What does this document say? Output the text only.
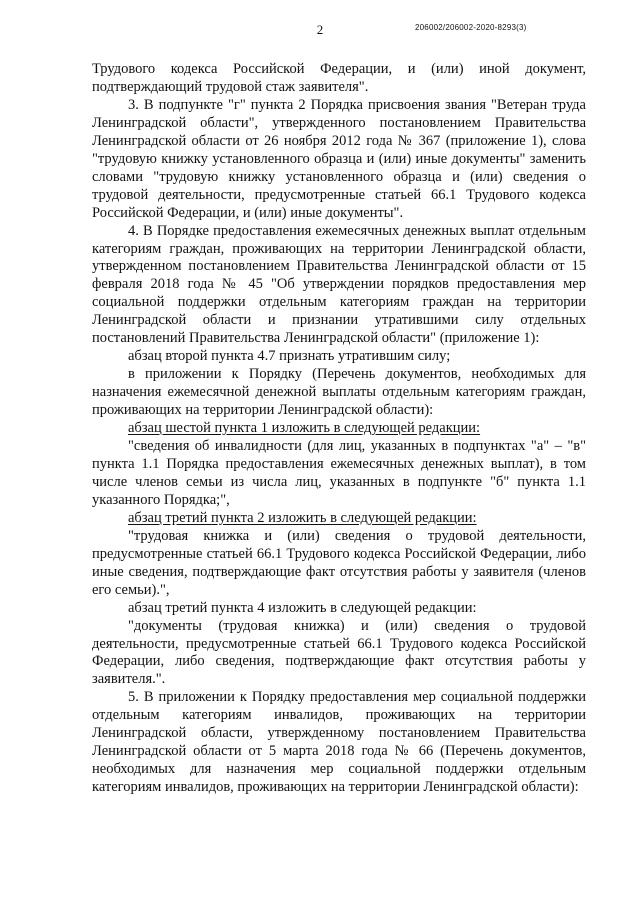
2	206002/206002-2020-8293(3)

Трудового кодекса Российской Федерации, и (или) иной документ, подтверждающий трудовой стаж заявителя".

3. В подпункте "г" пункта 2 Порядка присвоения звания "Ветеран труда Ленинградской области", утвержденного постановлением Правительства Ленинградской области от 26 ноября 2012 года № 367 (приложение 1), слова "трудовую книжку установленного образца и (или) иные документы" заменить словами "трудовую книжку установленного образца и (или) сведения о трудовой деятельности, предусмотренные статьей 66.1 Трудового кодекса Российской Федерации, и (или) иные документы".

4. В Порядке предоставления ежемесячных денежных выплат отдельным категориям граждан, проживающих на территории Ленинградской области, утвержденном постановлением Правительства Ленинградской области от 15 февраля 2018 года № 45 "Об утверждении порядков предоставления мер социальной поддержки отдельным категориям граждан на территории Ленинградской области и признании утратившими силу отдельных постановлений Правительства Ленинградской области" (приложение 1):

абзац второй пункта 4.7 признать утратившим силу;

в приложении к Порядку (Перечень документов, необходимых для назначения ежемесячной денежной выплаты отдельным категориям граждан, проживающих на территории Ленинградской области):

абзац шестой пункта 1 изложить в следующей редакции:

"сведения об инвалидности (для лиц, указанных в подпунктах "а" – "в" пункта 1.1 Порядка предоставления ежемесячных денежных выплат), в том числе членов семьи из числа лиц, указанных в подпункте "б" пункта 1.1 указанного Порядка;",

абзац третий пункта 2 изложить в следующей редакции:

"трудовая книжка и (или) сведения о трудовой деятельности, предусмотренные статьей 66.1 Трудового кодекса Российской Федерации, либо иные сведения, подтверждающие факт отсутствия работы у заявителя (членов его семьи).",

абзац третий пункта 4 изложить в следующей редакции:

"документы (трудовая книжка) и (или) сведения о трудовой деятельности, предусмотренные статьей 66.1 Трудового кодекса Российской Федерации, либо сведения, подтверждающие факт отсутствия работы у заявителя.".

5. В приложении к Порядку предоставления мер социальной поддержки отдельным категориям инвалидов, проживающих на территории Ленинградской области, утвержденному постановлением Правительства Ленинградской области от 5 марта 2018 года № 66 (Перечень документов, необходимых для назначения мер социальной поддержки отдельным категориям инвалидов, проживающих на территории Ленинградской области):
